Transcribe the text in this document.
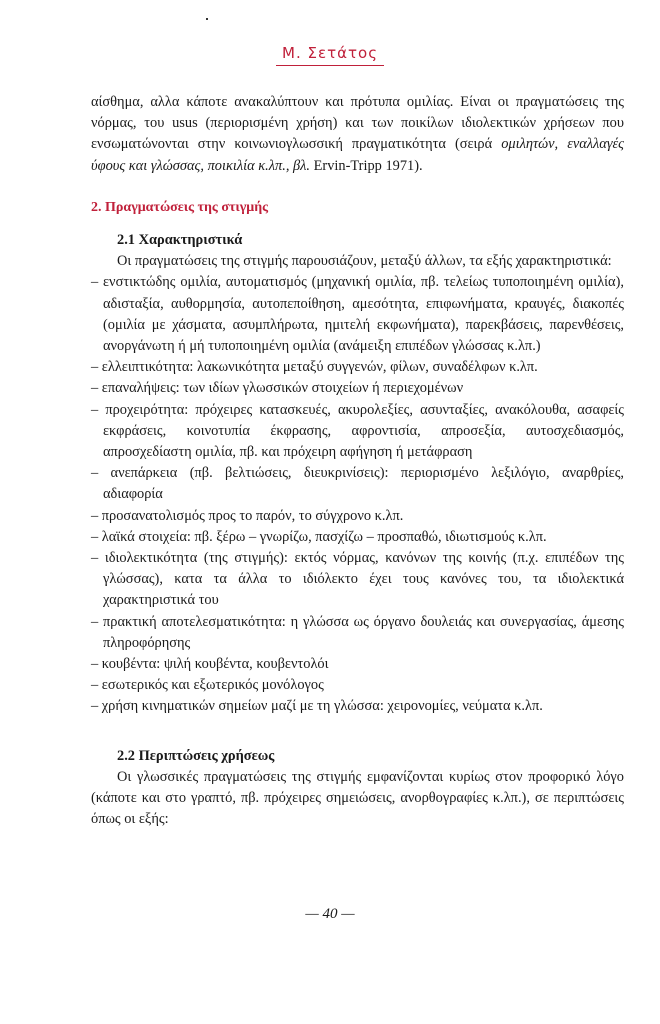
Μ. Σετάτος

αίσθημα, αλλα κάποτε ανακαλύπτουν και πρότυπα ομιλίας. Είναι οι πραγματώσεις της νόρμας, του usus (περιορισμένη χρήση) και των ποικίλων ιδιολεκτικών χρήσεων που ενσωματώνονται στην κοινωνιογλωσσική πραγματικότητα (σειρά ομιλητών, εναλλαγές ύφους και γλώσσας, ποικιλία κ.λπ., βλ. Ervin-Tripp 1971).

2. Πραγματώσεις της στιγμής

2.1 Χαρακτηριστικά

Οι πραγματώσεις της στιγμής παρουσιάζουν, μεταξύ άλλων, τα εξής χαρακτηριστικά:

– ενστικτώδης ομιλία, αυτοματισμός (μηχανική ομιλία, πβ. τελείως τυποποιημένη ομιλία), αδισταξία, αυθορμησία, αυτοπεποίθηση, αμεσότητα, επιφωνήματα, κραυγές, διακοπές (ομιλία με χάσματα, ασυμπλήρωτα, ημιτελή εκφωνήματα), παρεκβάσεις, παρενθέσεις, ανοργάνωτη ή μή τυποποιημένη ομιλία (ανάμειξη επιπέδων γλώσσας κ.λπ.)
– ελλειπτικότητα: λακωνικότητα μεταξύ συγγενών, φίλων, συναδέλφων κ.λπ.
– επαναλήψεις: των ιδίων γλωσσικών στοιχείων ή περιεχομένων
– προχειρότητα: πρόχειρες κατασκευές, ακυρολεξίες, ασυνταξίες, ανακόλουθα, ασαφείς εκφράσεις, κοινοτυπία έκφρασης, αφροντισία, απροσεξία, αυτοσχεδιασμός, απροσχεδίαστη ομιλία, πβ. και πρόχειρη αφήγηση ή μετάφραση
– ανεπάρκεια (πβ. βελτιώσεις, διευκρινίσεις): περιορισμένο λεξιλόγιο, αναρθρίες, αδιαφορία
– προσανατολισμός προς το παρόν, το σύγχρονο κ.λπ.
– λαϊκά στοιχεία: πβ. ξέρω – γνωρίζω, πασχίζω – προσπαθώ, ιδιωτισμούς κ.λπ.
– ιδιολεκτικότητα (της στιγμής): εκτός νόρμας, κανόνων της κοινής (π.χ. επιπέδων της γλώσσας), κατα τα άλλα το ιδιόλεκτο έχει τους κανόνες του, τα ιδιολεκτικά χαρακτηριστικά του
– πρακτική αποτελεσματικότητα: η γλώσσα ως όργανο δουλειάς και συνεργασίας, άμεσης πληροφόρησης
– κουβέντα: ψιλή κουβέντα, κουβεντολόι
– εσωτερικός και εξωτερικός μονόλογος
– χρήση κινηματικών σημείων μαζί με τη γλώσσα: χειρονομίες, νεύματα κ.λπ.

2.2 Περιπτώσεις χρήσεως

Οι γλωσσικές πραγματώσεις της στιγμής εμφανίζονται κυρίως στον προφορικό λόγο (κάποτε και στο γραπτό, πβ. πρόχειρες σημειώσεις, ανορθογραφίες κ.λπ.), σε περιπτώσεις όπως οι εξής:

— 40 —
